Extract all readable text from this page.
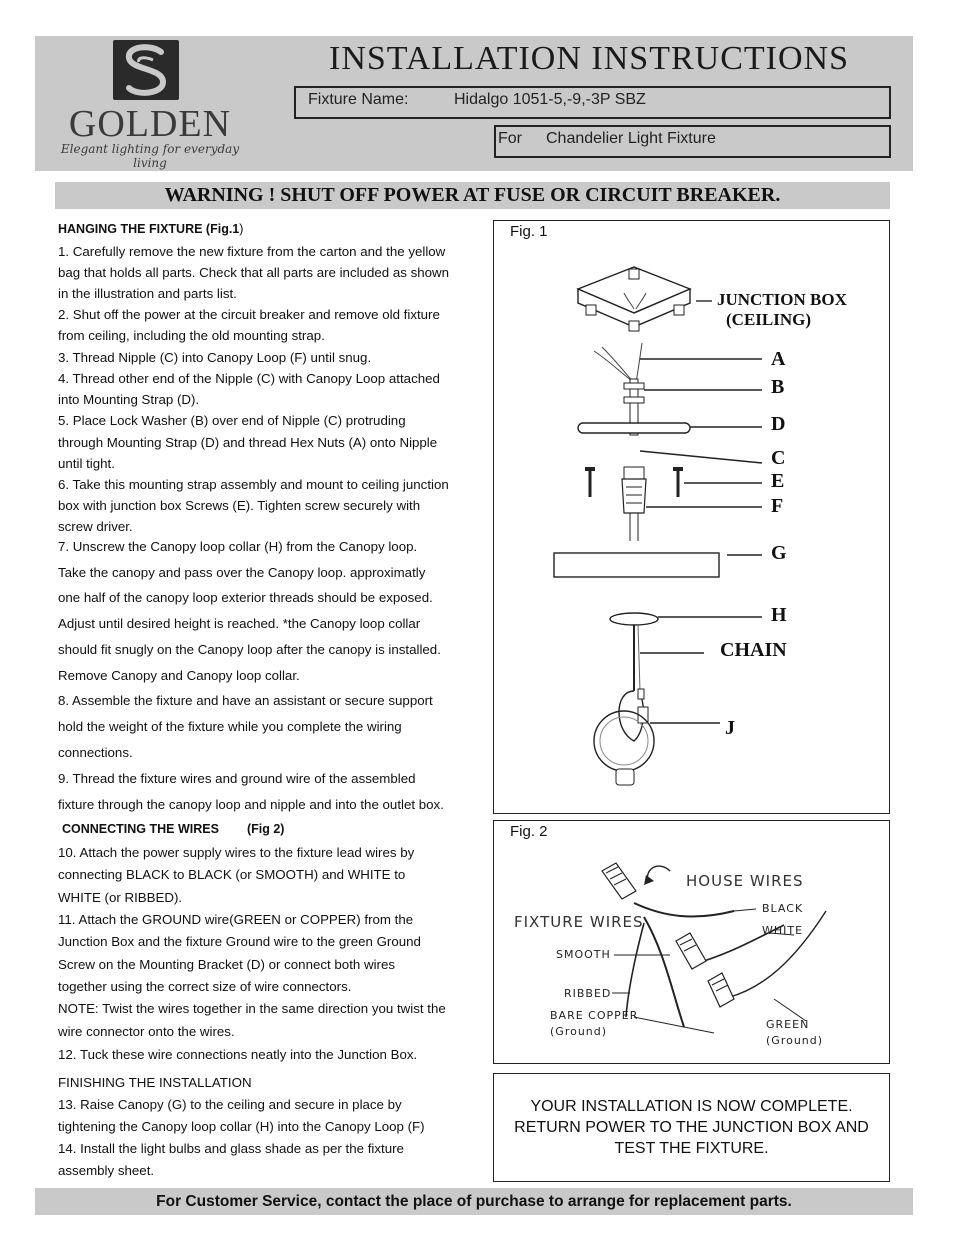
GOLDEN
Elegant lighting for everyday living
INSTALLATION INSTRUCTIONS
Fixture Name:	Hidalgo 1051-5,-9,-3P SBZ
For Chandelier Light Fixture
WARNING ! SHUT OFF POWER AT FUSE OR CIRCUIT BREAKER.
HANGING THE FIXTURE (Fig.1)
1. Carefully remove the new fixture from the carton and the yellow
bag that holds all parts. Check that all parts are included as shown
in the illustration and parts list.
2. Shut off the power at the circuit breaker and remove old fixture
from ceiling, including the old mounting strap.
3. Thread Nipple (C) into Canopy Loop (F) until snug.
4. Thread other end of the Nipple (C) with Canopy Loop attached
into Mounting Strap (D).
5. Place Lock Washer (B) over end of Nipple (C) protruding
through Mounting Strap (D) and thread Hex Nuts (A) onto Nipple
until tight.
6. Take this mounting strap assembly and mount to ceiling junction
box with junction box Screws (E). Tighten screw securely with
screw driver.
7. Unscrew the Canopy loop collar (H) from the Canopy loop.
Take the canopy and pass over the Canopy loop. approximatly
one half of the canopy loop exterior threads should be exposed.
Adjust until desired height is reached. *the Canopy loop collar
should fit snugly on the Canopy loop after the canopy is installed.
Remove Canopy and Canopy loop collar.
8. Assemble the fixture and have an assistant or secure support
hold the weight of the fixture while you complete the wiring
connections.
9. Thread the fixture wires and ground wire of the assembled
fixture through the canopy loop and nipple and into the outlet box.
CONNECTING THE WIRES (Fig 2)
10. Attach the power supply wires to the fixture lead wires by
connecting BLACK to BLACK (or SMOOTH) and WHITE to
WHITE (or RIBBED).
11. Attach the GROUND wire(GREEN or COPPER) from the
Junction Box and the fixture Ground wire to the green Ground
Screw on the Mounting Bracket (D) or connect both wires
together using the correct size of wire connectors.
NOTE: Twist the wires together in the same direction you twist the
wire connector onto the wires.
12. Tuck these wire connections neatly into the Junction Box.
FINISHING THE INSTALLATION
13. Raise Canopy (G) to the ceiling and secure in place by
tightening the Canopy loop collar (H) into the Canopy Loop (F)
14. Install the light bulbs and glass shade as per the fixture
assembly sheet.
Fig. 1
JUNCTION BOX
(CEILING)
A
B
D
C
E
F
G
H
CHAIN
J
Fig. 2
HOUSE WIRES
FIXTURE WIRES
BLACK
WHITE
SMOOTH
RIBBED
BARE COPPER
(Ground)
GREEN
(Ground)
YOUR INSTALLATION IS NOW COMPLETE.
RETURN POWER TO THE JUNCTION BOX AND
TEST THE FIXTURE.
For Customer Service, contact the place of purchase to arrange for replacement parts.
